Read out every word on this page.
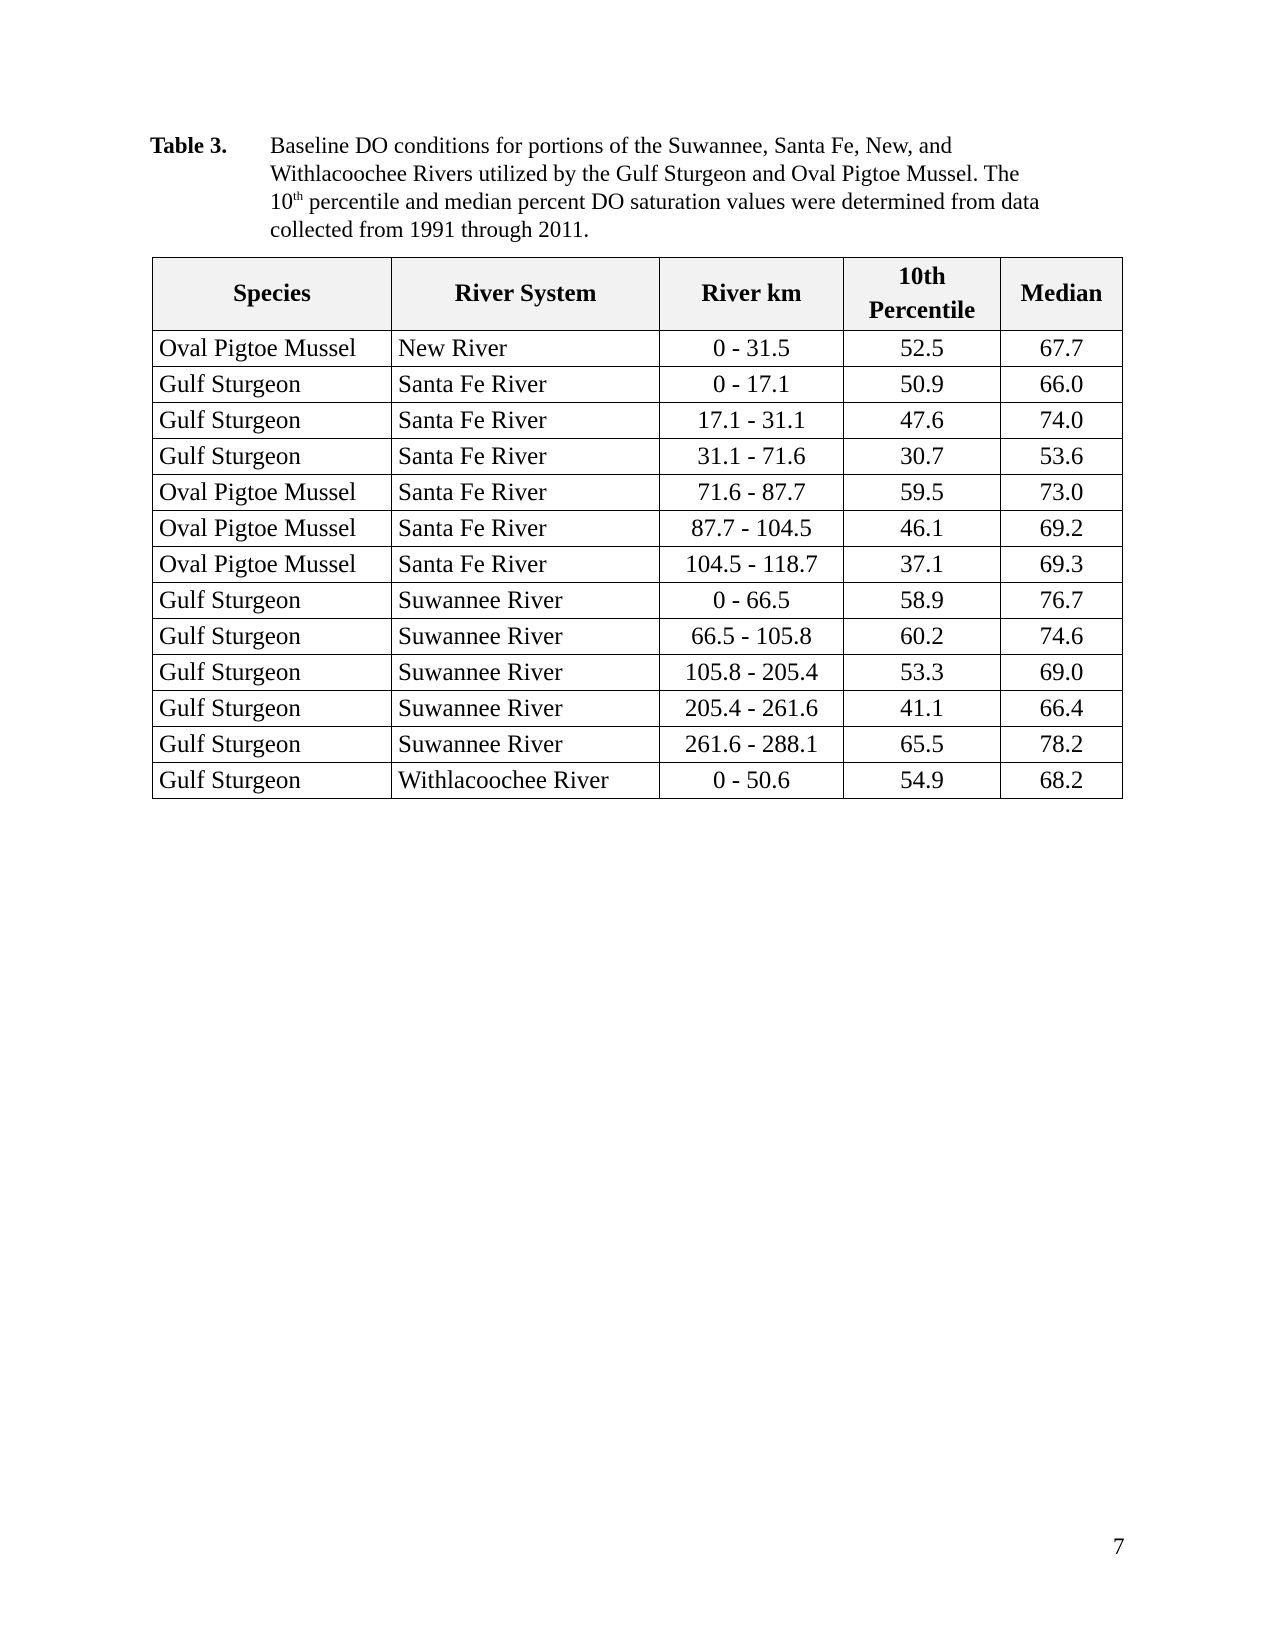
Table 3. Baseline DO conditions for portions of the Suwannee, Santa Fe, New, and
Withlacoochee Rivers utilized by the Gulf Sturgeon and Oval Pigtoe Mussel. The
10th percentile and median percent DO saturation values were determined from data
collected from 1991 through 2011.
Species	River System	River km	10th
Percentile	Median
Oval Pigtoe Mussel	New River	0 - 31.5	52.5	67.7
Gulf Sturgeon	Santa Fe River	0 - 17.1	50.9	66.0
Gulf Sturgeon	Santa Fe River	17.1 - 31.1	47.6	74.0
Gulf Sturgeon	Santa Fe River	31.1 - 71.6	30.7	53.6
Oval Pigtoe Mussel	Santa Fe River	71.6 - 87.7	59.5	73.0
Oval Pigtoe Mussel	Santa Fe River	87.7 - 104.5	46.1	69.2
Oval Pigtoe Mussel	Santa Fe River	104.5 - 118.7	37.1	69.3
Gulf Sturgeon	Suwannee River	0 - 66.5	58.9	76.7
Gulf Sturgeon	Suwannee River	66.5 - 105.8	60.2	74.6
Gulf Sturgeon	Suwannee River	105.8 - 205.4	53.3	69.0
Gulf Sturgeon	Suwannee River	205.4 - 261.6	41.1	66.4
Gulf Sturgeon	Suwannee River	261.6 - 288.1	65.5	78.2
Gulf Sturgeon	Withlacoochee River	0 - 50.6	54.9	68.2
7
